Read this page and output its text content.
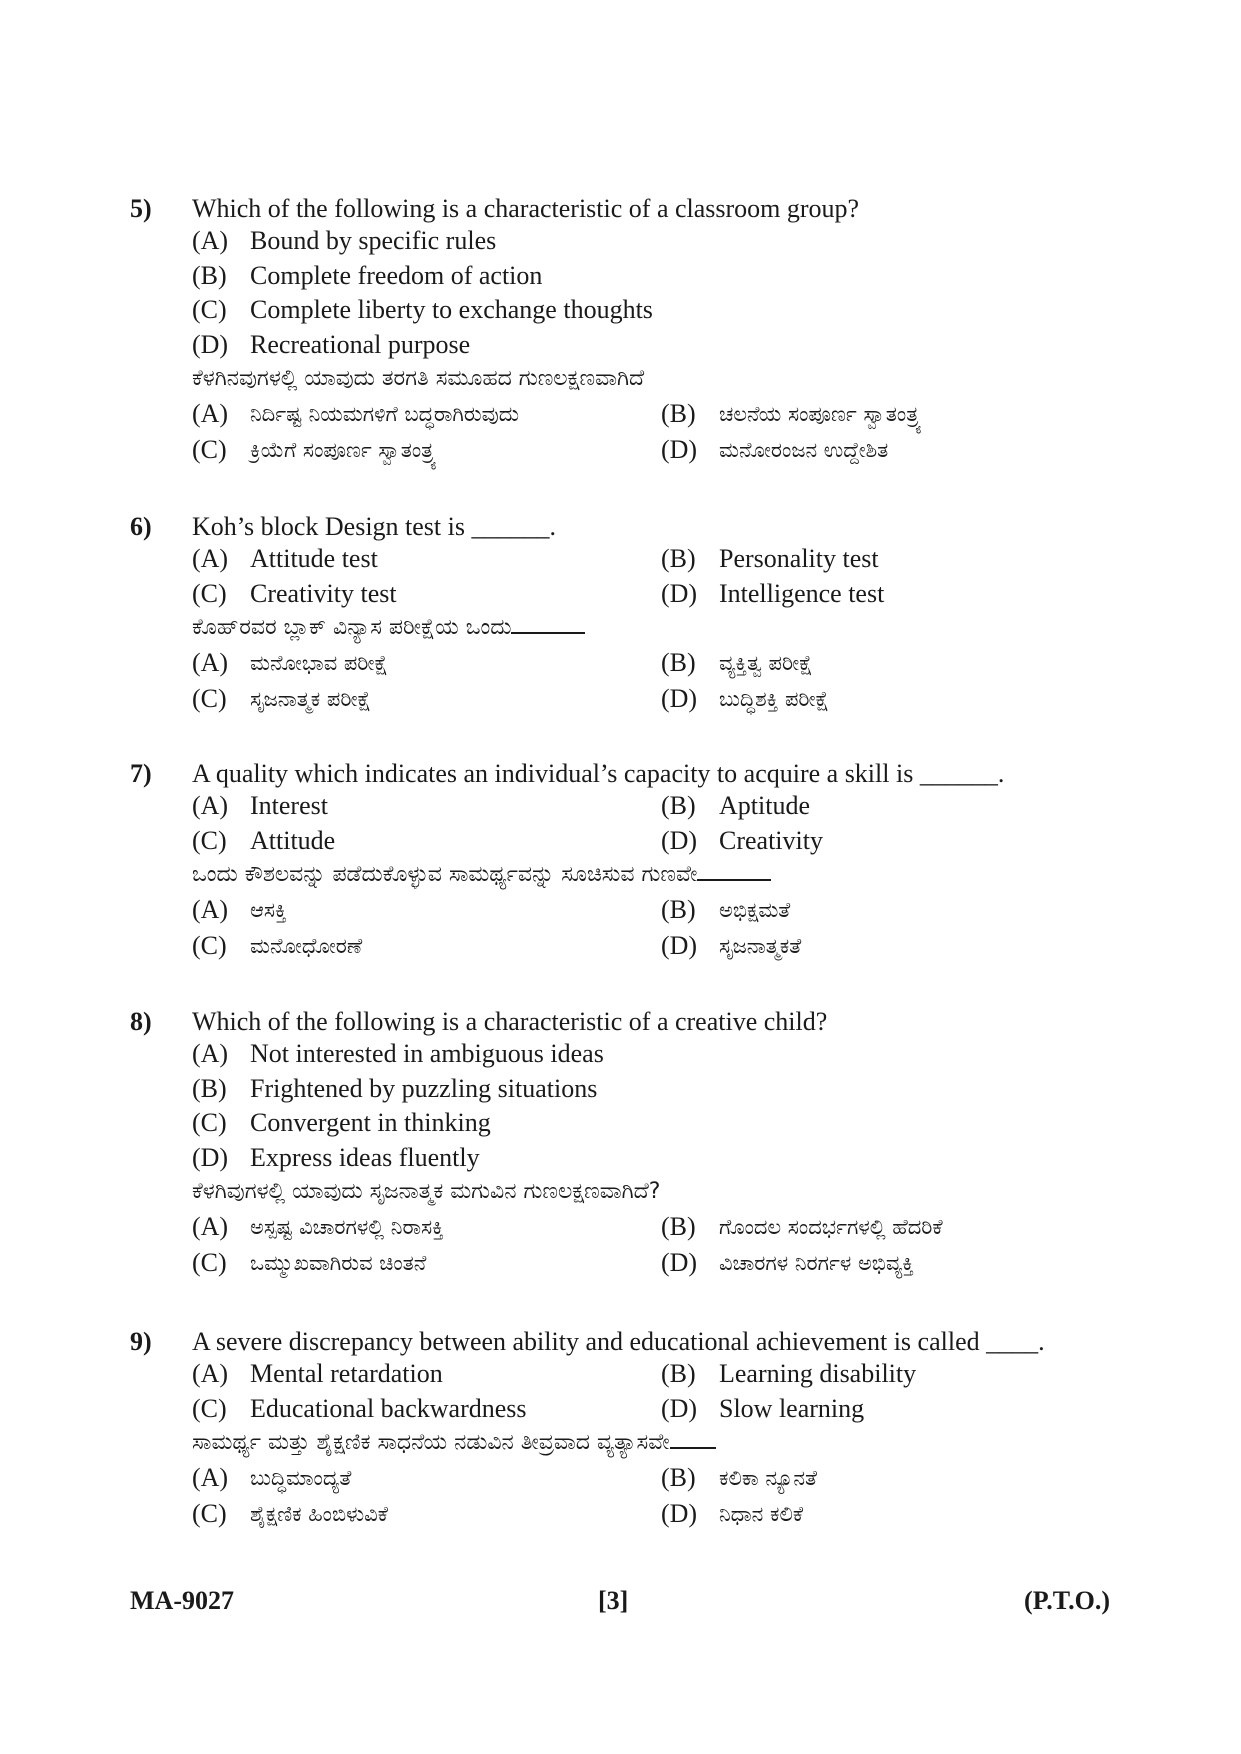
5)	Which of the following is a characteristic of a classroom group?
(A) Bound by specific rules
(B) Complete freedom of action
(C) Complete liberty to exchange thoughts
(D) Recreational purpose
ಕೆಳಗಿನವುಗಳಲ್ಲಿ ಯಾವುದು ತರಗತಿ ಸಮೂಹದ ಗುಣಲಕ್ಷಣವಾಗಿದೆ
(A)	ನಿರ್ದಿಷ್ಟ ನಿಯಮಗಳಿಗೆ ಬದ್ಧರಾಗಿರುವುದು	(B)	ಚಲನೆಯ ಸಂಪೂರ್ಣ ಸ್ವಾತಂತ್ರ್ಯ
(C)	ಕ್ರಿಯೆಗೆ ಸಂಪೂರ್ಣ ಸ್ವಾತಂತ್ರ್ಯ	(D)	ಮನೋರಂಜನ ಉದ್ದೇಶಿತ
6)	Koh’s block Design test is ______.
(A) Attitude test	(B) Personality test
(C) Creativity test	(D) Intelligence test
ಕೊಹ್‌ರವರ ಬ್ಲಾಕ್ ವಿನ್ಯಾಸ ಪರೀಕ್ಷೆಯ ಒಂದು
(A)	ಮನೋಭಾವ ಪರೀಕ್ಷೆ	(B)	ವ್ಯಕ್ತಿತ್ವ ಪರೀಕ್ಷೆ
(C)	ಸೃಜನಾತ್ಮಕ ಪರೀಕ್ಷೆ	(D)	ಬುದ್ಧಿಶಕ್ತಿ ಪರೀಕ್ಷೆ
7)	A quality which indicates an individual’s capacity to acquire a skill is ______.
(A) Interest	(B) Aptitude
(C) Attitude	(D) Creativity
ಒಂದು ಕೌಶಲವನ್ನು ಪಡೆದುಕೊಳ್ಳುವ ಸಾಮರ್ಥ್ಯವನ್ನು ಸೂಚಿಸುವ ಗುಣವೇ
(A)	ಆಸಕ್ತಿ	(B)	ಅಭಿಕ್ಷಮತೆ
(C)	ಮನೋಧೋರಣೆ	(D)	ಸೃಜನಾತ್ಮಕತೆ
8)	Which of the following is a characteristic of a creative child?
(A) Not interested in ambiguous ideas
(B) Frightened by puzzling situations
(C) Convergent in thinking
(D) Express ideas fluently
ಕೆಳಗಿವುಗಳಲ್ಲಿ ಯಾವುದು ಸೃಜನಾತ್ಮಕ ಮಗುವಿನ ಗುಣಲಕ್ಷಣವಾಗಿದೆ?
(A)	ಅಸ್ಪಷ್ಟ ವಿಚಾರಗಳಲ್ಲಿ ನಿರಾಸಕ್ತಿ	(B)	ಗೊಂದಲ ಸಂದರ್ಭಗಳಲ್ಲಿ ಹೆದರಿಕೆ
(C)	ಒಮ್ಮುಖವಾಗಿರುವ ಚಿಂತನೆ	(D)	ವಿಚಾರಗಳ ನಿರರ್ಗಳ ಅಭಿವ್ಯಕ್ತಿ
9)	A severe discrepancy between ability and educational achievement is called ____.
(A) Mental retardation	(B) Learning disability
(C) Educational backwardness	(D) Slow learning
ಸಾಮರ್ಥ್ಯ ಮತ್ತು ಶೈಕ್ಷಣಿಕ ಸಾಧನೆಯ ನಡುವಿನ ತೀವ್ರವಾದ ವ್ಯತ್ಯಾಸವೇ
(A)	ಬುದ್ಧಿಮಾಂದ್ಯತೆ	(B)	ಕಲಿಕಾ ನ್ಯೂನತೆ
(C)	ಶೈಕ್ಷಣಿಕ ಹಿಂಬಿಳುವಿಕೆ	(D)	ನಿಧಾನ ಕಲಿಕೆ
MA-9027	[3]	(P.T.O.)
